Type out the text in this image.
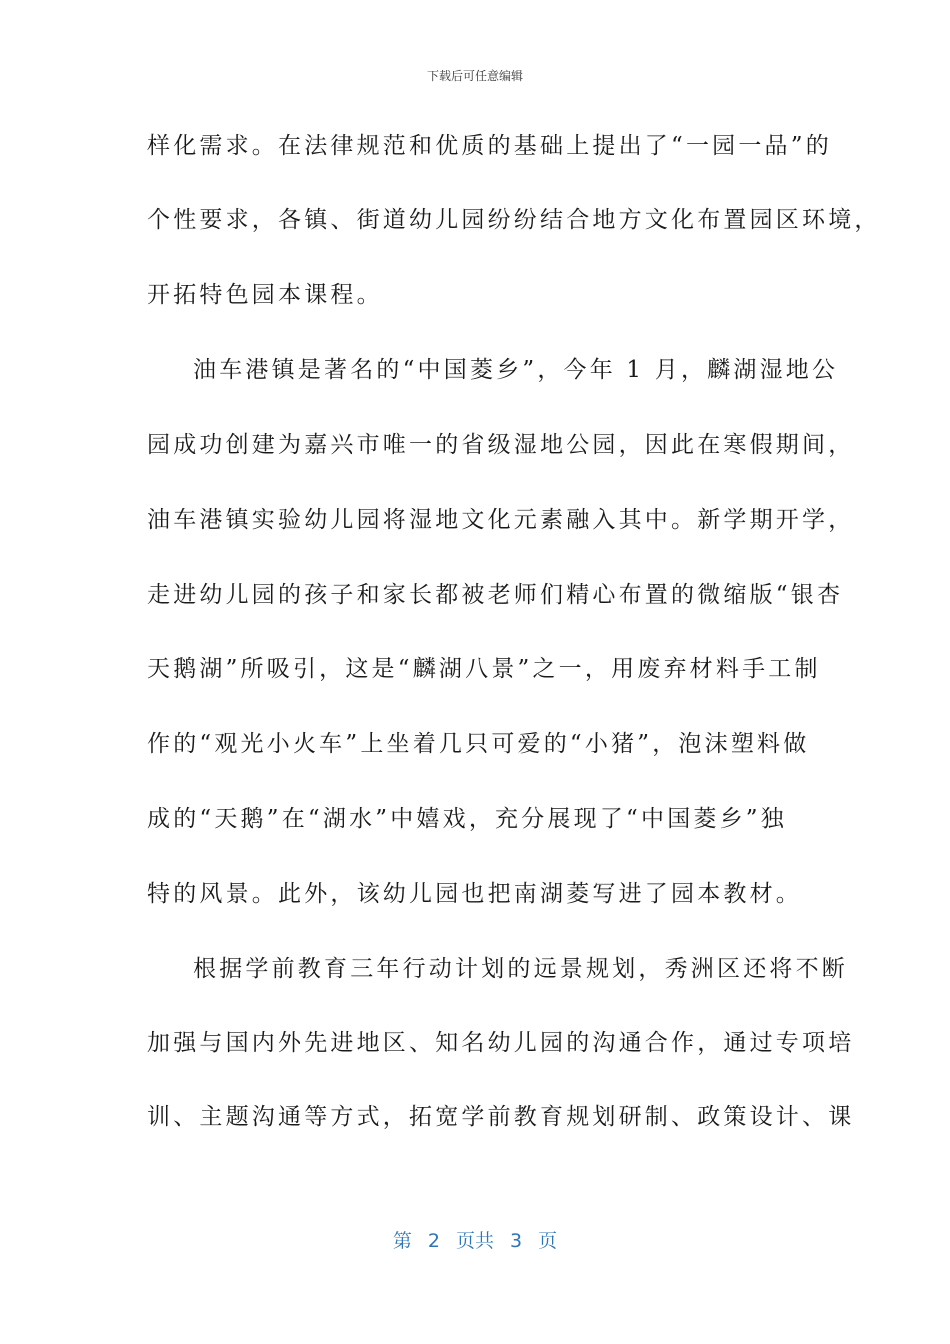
下载后可任意编辑
样化需求。在法律规范和优质的基础上提出了“一园一品”的
个性要求，各镇、街道幼儿园纷纷结合地方文化布置园区环境，
开拓特色园本课程。
油车港镇是著名的“中国菱乡”，今年 1 月，麟湖湿地公
园成功创建为嘉兴市唯一的省级湿地公园，因此在寒假期间，
油车港镇实验幼儿园将湿地文化元素融入其中。新学期开学，
走进幼儿园的孩子和家长都被老师们精心布置的微缩版“银杏
天鹅湖”所吸引，这是“麟湖八景”之一，用废弃材料手工制
作的“观光小火车”上坐着几只可爱的“小猪”，泡沫塑料做
成的“天鹅”在“湖水”中嬉戏，充分展现了“中国菱乡”独
特的风景。此外，该幼儿园也把南湖菱写进了园本教材。
根据学前教育三年行动计划的远景规划，秀洲区还将不断
加强与国内外先进地区、知名幼儿园的沟通合作，通过专项培
训、主题沟通等方式，拓宽学前教育规划研制、政策设计、课
第 2 页共 3 页
